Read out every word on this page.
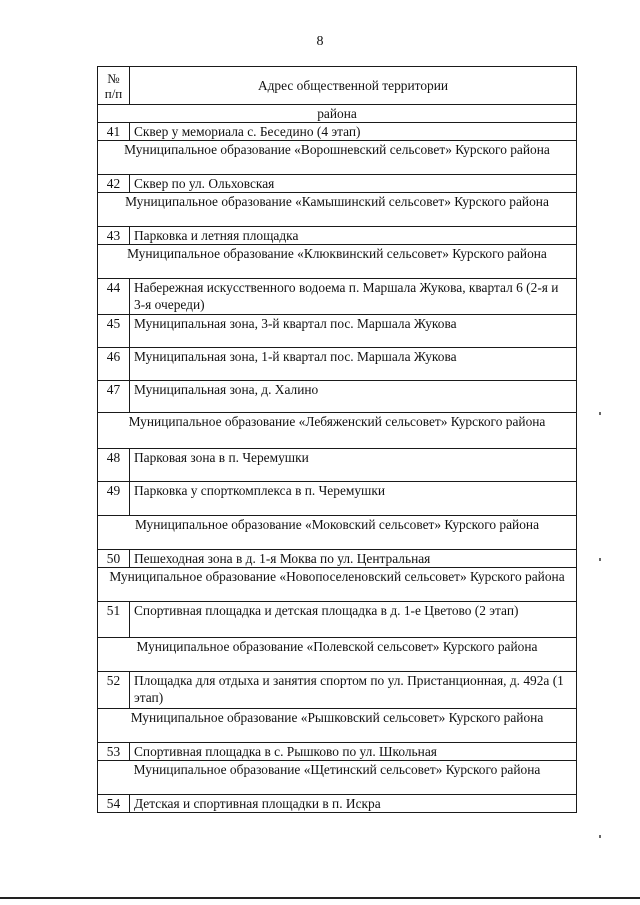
8
№
п/п	Адрес общественной территории
района	
41	Сквер у мемориала с. Беседино (4 этап)
Муниципальное образование «Ворошневский сельсовет» Курского района	
42	Сквер по ул. Ольховская
Муниципальное образование «Камышинский сельсовет» Курского района	
43	Парковка и летняя площадка
Муниципальное образование «Клюквинский сельсовет» Курского района	
44	Набережная искусственного водоема п. Маршала Жукова, квартал 6 (2-я и 3-я очереди)
45	Муниципальная зона, 3-й квартал пос. Маршала Жукова
46	Муниципальная зона, 1-й квартал пос. Маршала Жукова
47	Муниципальная зона, д. Халино
Муниципальное образование «Лебяженский сельсовет» Курского района	
48	Парковая зона в п. Черемушки
49	Парковка у спорткомплекса в п. Черемушки
Муниципальное образование «Моковский сельсовет» Курского района	
50	Пешеходная зона в д. 1-я Моква по ул. Центральная
Муниципальное образование «Новопоселеновский сельсовет» Курского района	
51	Спортивная площадка и детская площадка в д. 1-е Цветово (2 этап)
Муниципальное образование «Полевской сельсовет» Курского района	
52	Площадка для отдыха и занятия спортом по ул. Пристанционная, д. 492а (1 этап)
Муниципальное образование «Рышковский сельсовет» Курского района	
53	Спортивная площадка в с. Рышково по ул. Школьная
Муниципальное образование «Щетинский сельсовет» Курского района	
54	Детская и спортивная площадки в п. Искра
